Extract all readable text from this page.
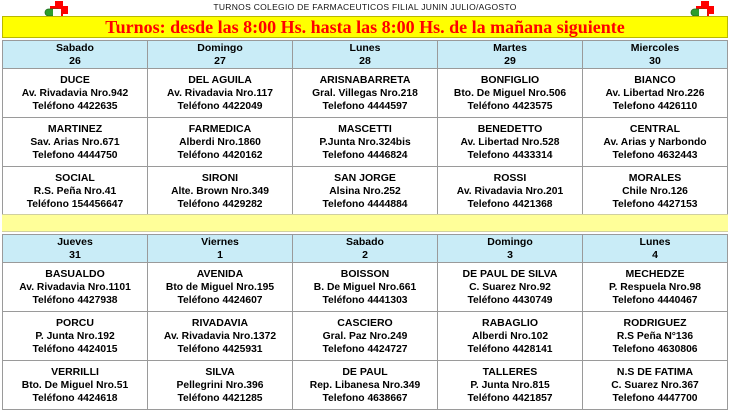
TURNOS COLEGIO DE FARMACEUTICOS FILIAL JUNIN JULIO/AGOSTO
Turnos: desde las 8:00 Hs. hasta las 8:00 Hs. de la mañana siguiente
Sabado
26	Domingo
27	Lunes
28	Martes
29	Miercoles
30

DUCE
Av. Rivadavia Nro.942
Teléfono 4422635	DEL AGUILA
Av. Rivadavia Nro.117
Teléfono 4422049	ARISNABARRETA
Gral. Villegas Nro.218
Telefono 4444597	BONFIGLIO
Bto. De Miguel Nro.506
Teléfono 4423575	BIANCO
Av. Libertad Nro.226
Telefono 4426110

MARTINEZ
Sav. Arias Nro.671
Telefono 4444750	FARMEDICA
Alberdi Nro.1860
Teléfono 4420162	MASCETTI
P.Junta Nro.324bis
Telefono 4446824	BENEDETTO
Av. Libertad Nro.528
Telefono 4433314	CENTRAL
Av. Arias y Narbondo
Telefono 4632443

SOCIAL
R.S. Peña Nro.41
Teléfono 154456647	SIRONI
Alte. Brown Nro.349
Teléfono 4429282	SAN JORGE
Alsina Nro.252
Telefono 4444884	ROSSI
Av. Rivadavia Nro.201
Telefono 4421368	MORALES
Chile Nro.126
Telefono 4427153
Jueves
31	Viernes
1	Sabado
2	Domingo
3	Lunes
4

BASUALDO
Av. Rivadavia Nro.1101
Teléfono 4427938	AVENIDA
Bto de Miguel Nro.195
Teléfono 4424607	BOISSON
B. De Miguel Nro.661
Teléfono 4441303	DE PAUL DE SILVA
C. Suarez Nro.92
Teléfono 4430749	MECHEDZE
P. Respuela Nro.98
Telefono 4440467

PORCU
P. Junta Nro.192
Teléfono 4424015	RIVADAVIA
Av. Rivadavia Nro.1372
Teléfono 4425931	CASCIERO
Gral. Paz Nro.249
Telefono 4424727	RABAGLIO
Alberdi Nro.102
Teléfono 4428141	RODRIGUEZ
R.S Peña N°136
Telefono 4630806

VERRILLI
Bto. De Miguel Nro.51
Teléfono 4424618	SILVA
Pellegrini Nro.396
Teléfono 4421285	DE PAUL
Rep. Libanesa Nro.349
Telefono 4638667	TALLERES
P. Junta Nro.815
Teléfono 4421857	N.S DE FATIMA
C. Suarez Nro.367
Telefono 4447700
